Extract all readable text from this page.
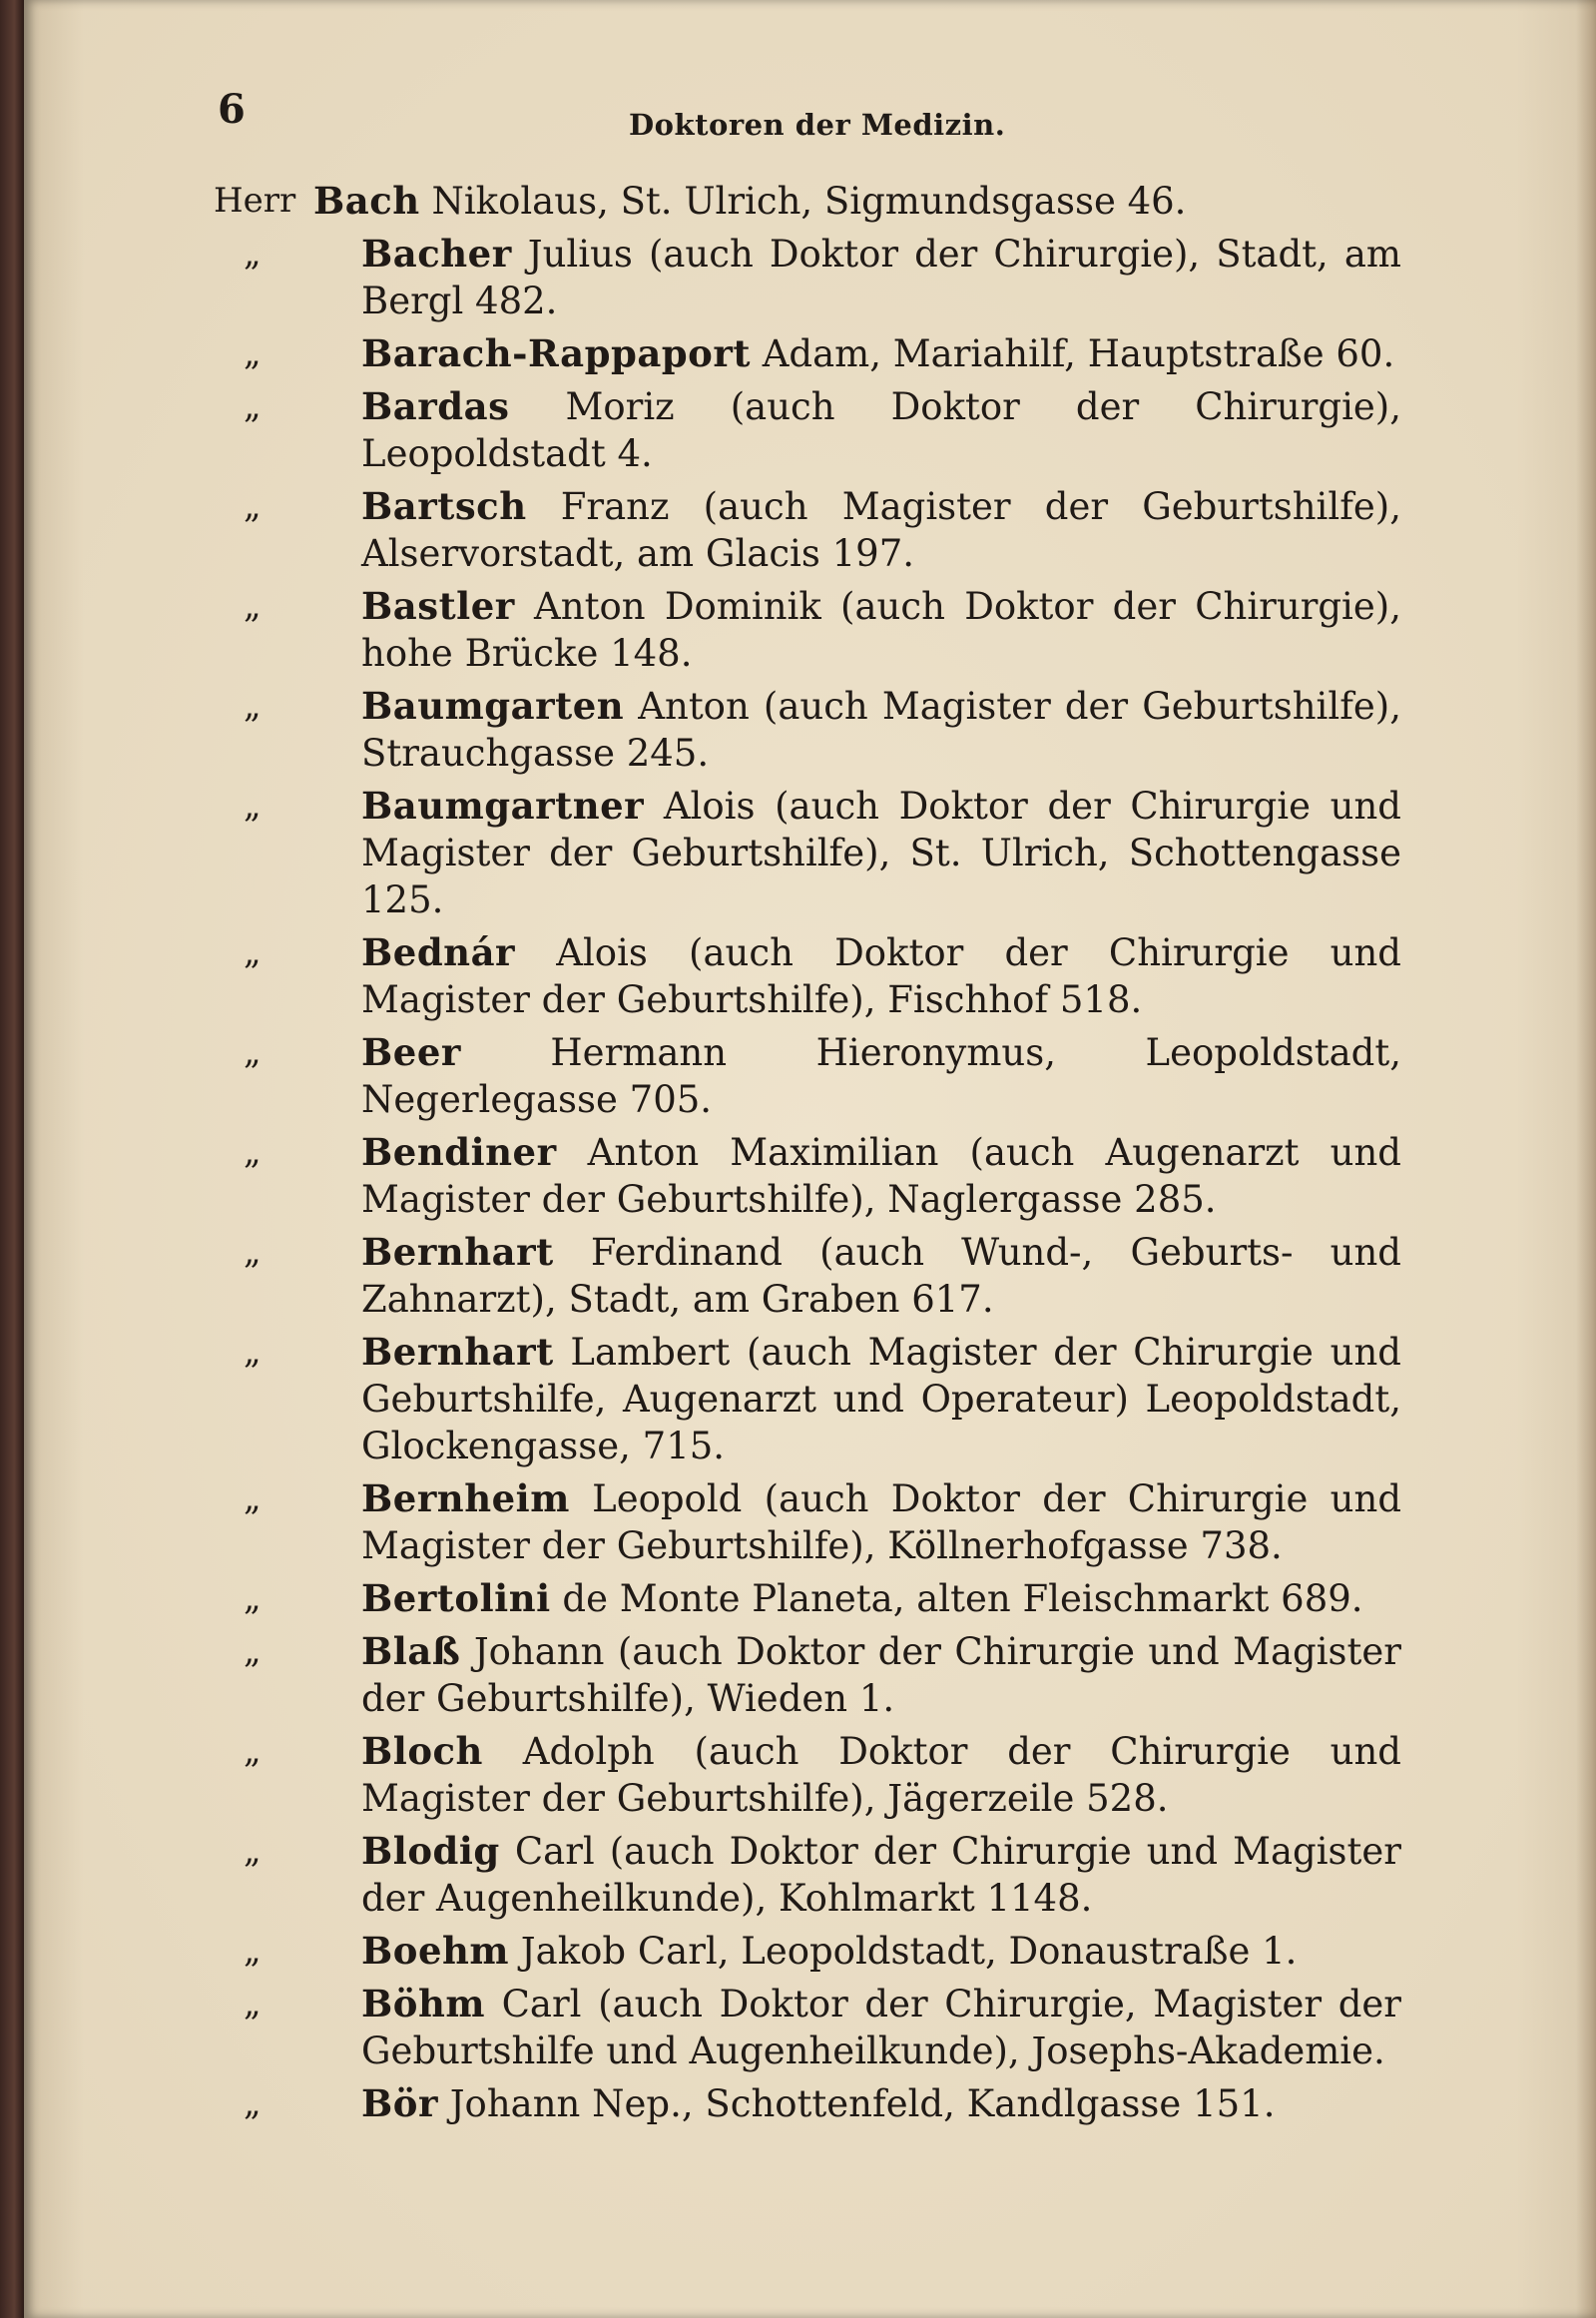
6	Doktoren der Medizin.
Herr Bach Nikolaus, St. Ulrich, Sigmundsgasse 46.
„	Bacher Julius (auch Doktor der Chirurgie), Stadt, am Bergl 482.
„	Barach-Rappaport Adam, Mariahilf, Hauptstraße 60.
„	Bardas Moriz (auch Doktor der Chirurgie), Leopoldstadt 4.
„	Bartsch Franz (auch Magister der Geburtshilfe), Alservorstadt, am Glacis 197.
„	Bastler Anton Dominik (auch Doktor der Chirurgie), hohe Brücke 148.
„	Baumgarten Anton (auch Magister der Geburtshilfe), Strauchgasse 245.
„	Baumgartner Alois (auch Doktor der Chirurgie und Magister der Geburtshilfe), St. Ulrich, Schottengasse 125.
„	Bednár Alois (auch Doktor der Chirurgie und Magister der Geburtshilfe), Fischhof 518.
„	Beer Hermann Hieronymus, Leopoldstadt, Negerlegasse 705.
„	Bendiner Anton Maximilian (auch Augenarzt und Magister der Geburtshilfe), Naglergasse 285.
„	Bernhart Ferdinand (auch Wund-, Geburts- und Zahnarzt), Stadt, am Graben 617.
„	Bernhart Lambert (auch Magister der Chirurgie und Geburtshilfe, Augenarzt und Operateur) Leopoldstadt, Glockengasse, 715.
„	Bernheim Leopold (auch Doktor der Chirurgie und Magister der Geburtshilfe), Köllnerhofgasse 738.
„	Bertolini de Monte Planeta, alten Fleischmarkt 689.
„	Blaß Johann (auch Doktor der Chirurgie und Magister der Geburtshilfe), Wieden 1.
„	Bloch Adolph (auch Doktor der Chirurgie und Magister der Geburtshilfe), Jägerzeile 528.
„	Blodig Carl (auch Doktor der Chirurgie und Magister der Augenheilkunde), Kohlmarkt 1148.
„	Boehm Jakob Carl, Leopoldstadt, Donaustraße 1.
„	Böhm Carl (auch Doktor der Chirurgie, Magister der Geburtshilfe und Augenheilkunde), Josephs-Akademie.
„	Bör Johann Nep., Schottenfeld, Kandlgasse 151.
